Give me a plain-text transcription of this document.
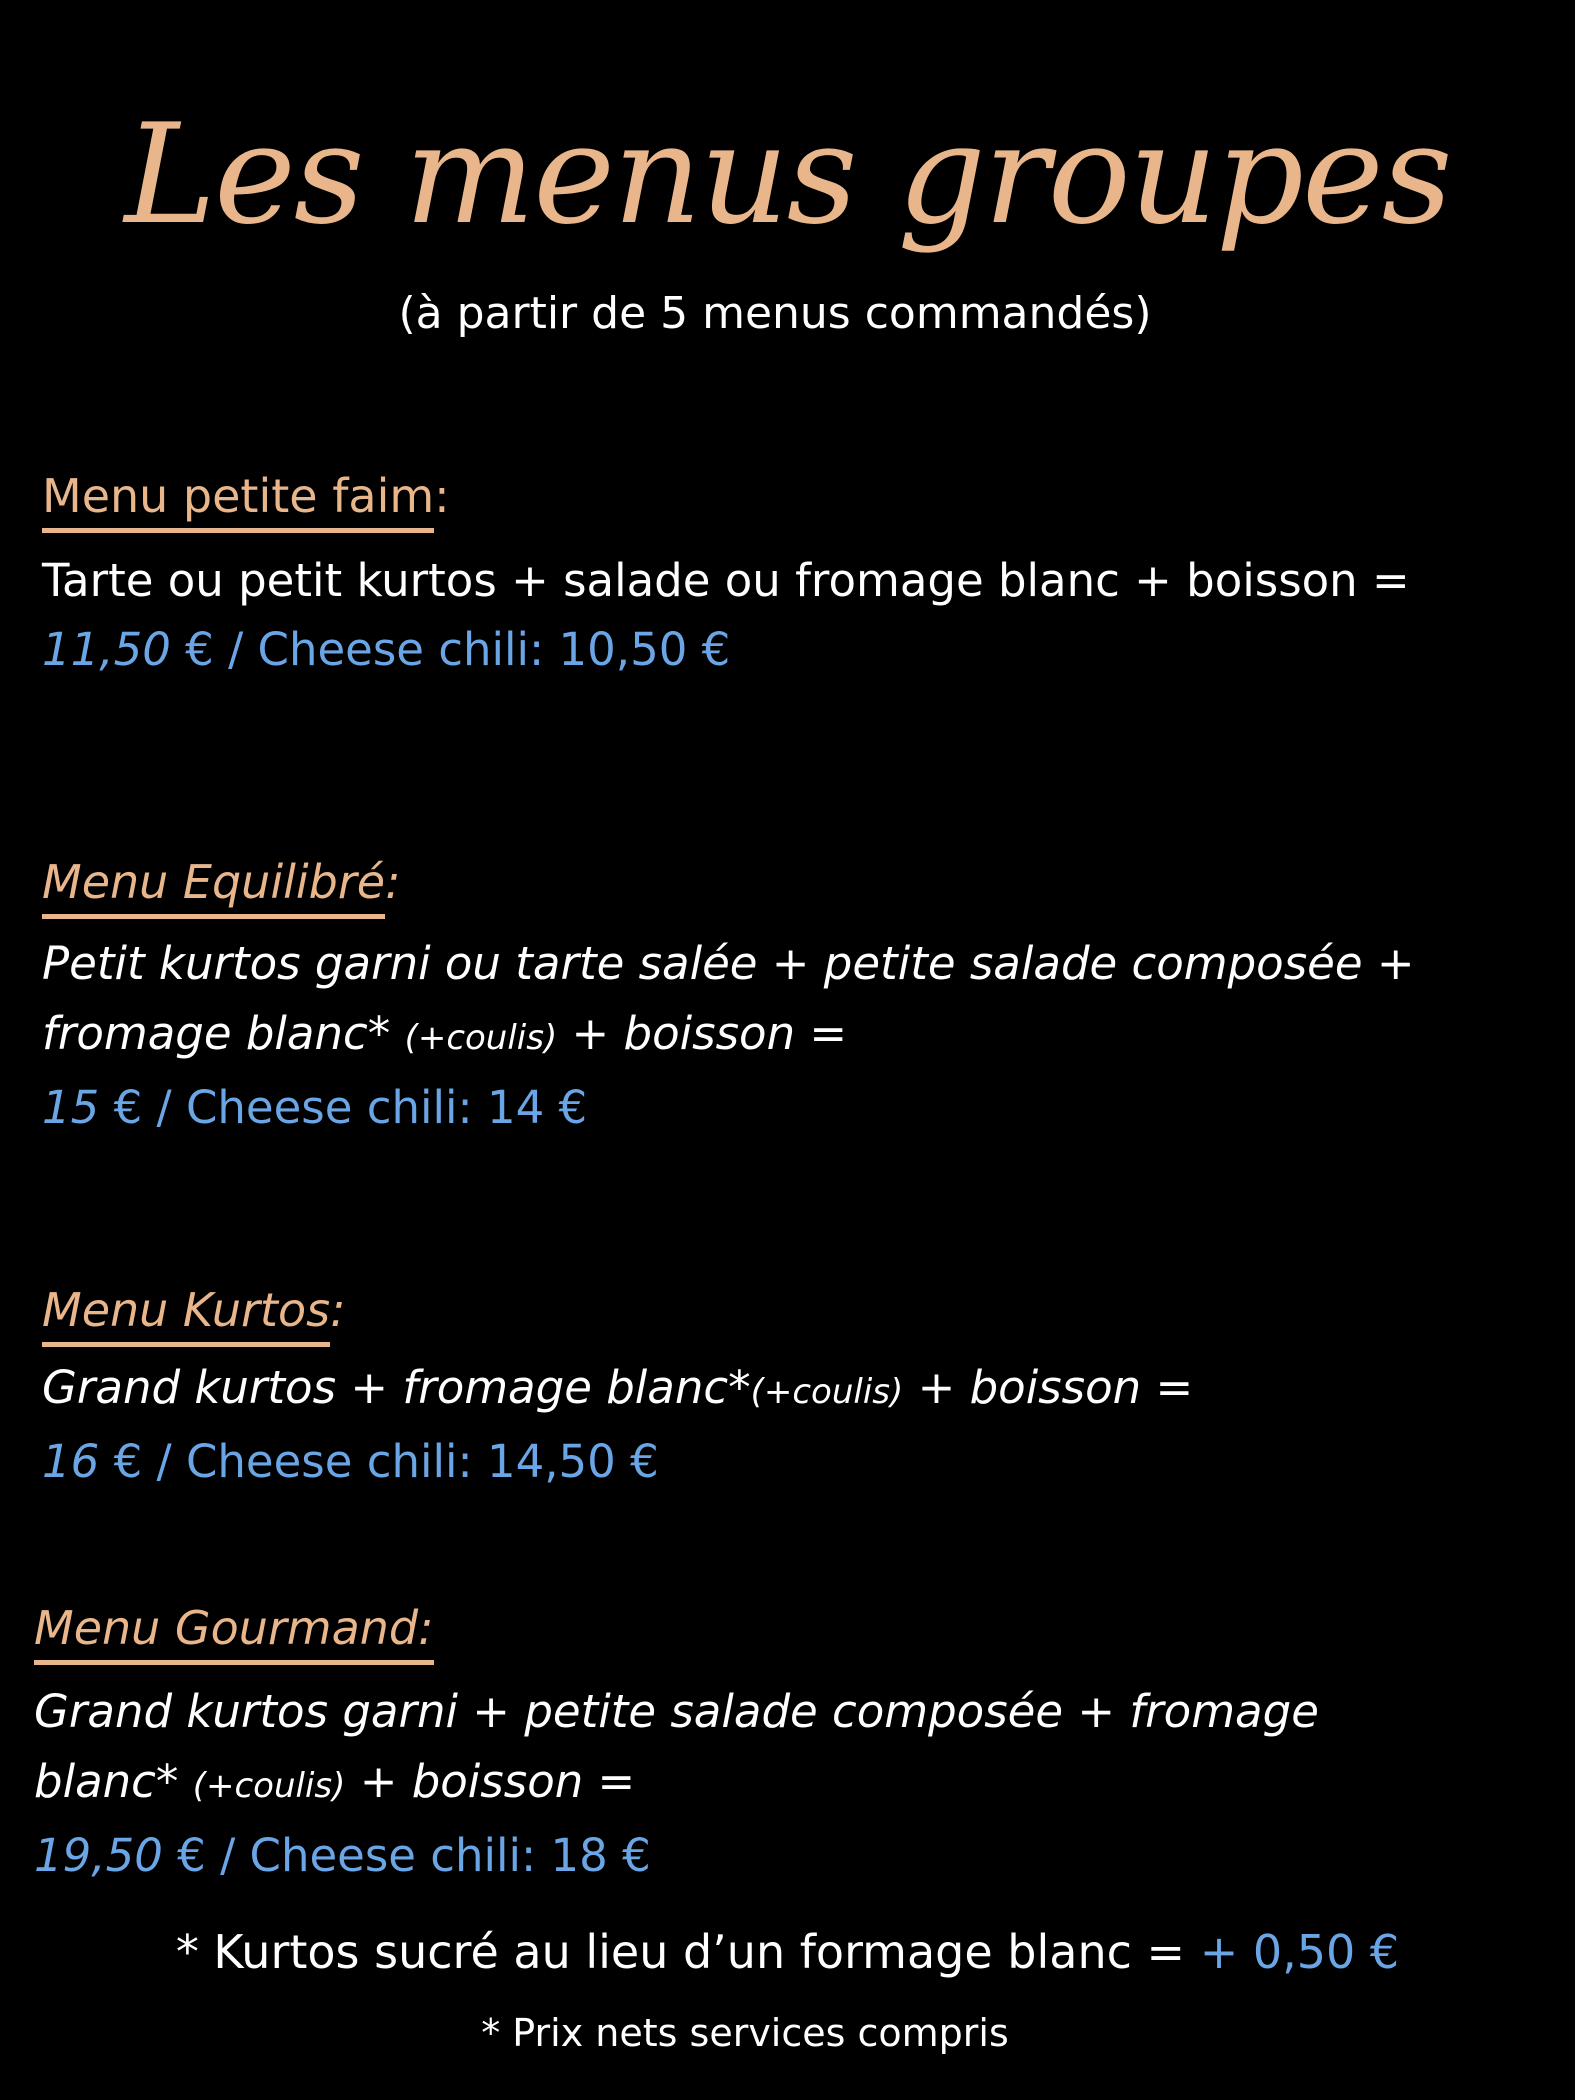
Les menus groupes
(à partir de 5 menus commandés)
Menu petite faim:
Tarte ou petit kurtos + salade ou fromage blanc + boisson =
11,50 € / Cheese chili: 10,50 €
Menu Equilibré:
Petit kurtos garni ou tarte salée + petite salade composée +
fromage blanc* (+coulis) + boisson =
15 € / Cheese chili: 14 €
Menu Kurtos:
Grand kurtos + fromage blanc*(+coulis) + boisson =
16 € / Cheese chili: 14,50 €
Menu Gourmand:
Grand kurtos garni + petite salade composée + fromage
blanc* (+coulis) + boisson =
19,50 € / Cheese chili: 18 €
* Kurtos sucré au lieu d’un formage blanc = + 0,50 €
* Prix nets services compris
